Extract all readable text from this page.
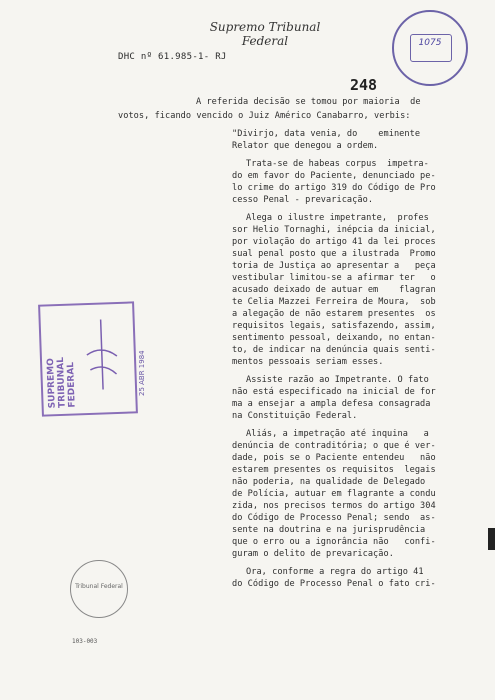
Supremo Tribunal Federal
DHC nº 61.985-1- RJ
248
1075
SUPREMO TRIBUNAL FEDERAL	25 ABR 1984
Tribunal Federal
103-003
A referida decisão se tomou por maioria  de
votos, ficando vencido o Juiz Américo Canabarro, verbis:
"Divirjo, data venia, do    eminente
Relator que denegou a ordem.
Trata-se de habeas corpus  impetra-
do em favor do Paciente, denunciado pe-
lo crime do artigo 319 do Código de Pro
cesso Penal - prevaricação.
Alega o ilustre impetrante,  profes
sor Helio Tornaghi, inépcia da inicial,
por violação do artigo 41 da lei proces
sual penal posto que a ilustrada  Promo
toria de Justiça ao apresentar a   peça
vestibular limitou-se a afirmar ter   o
acusado deixado de autuar em    flagran
te Celia Mazzei Ferreira de Moura,  sob
a alegação de não estarem presentes  os
requisitos legais, satisfazendo, assim,
sentimento pessoal, deixando, no entan-
to, de indicar na denúncia quais senti-
mentos pessoais seriam esses.
Assiste razão ao Impetrante. O fato
não está especificado na inicial de for
ma a ensejar a ampla defesa consagrada
na Constituição Federal.
Aliás, a impetração até inquina   a
denúncia de contraditória; o que é ver-
dade, pois se o Paciente entendeu   não
estarem presentes os requisitos  legais
não poderia, na qualidade de Delegado
de Polícia, autuar em flagrante a condu
zida, nos precisos termos do artigo 304
do Código de Processo Penal; sendo  as-
sente na doutrina e na jurisprudência
que o erro ou a ignorância não   confi-
guram o delito de prevaricação.
Ora, conforme a regra do artigo 41
do Código de Processo Penal o fato cri-
